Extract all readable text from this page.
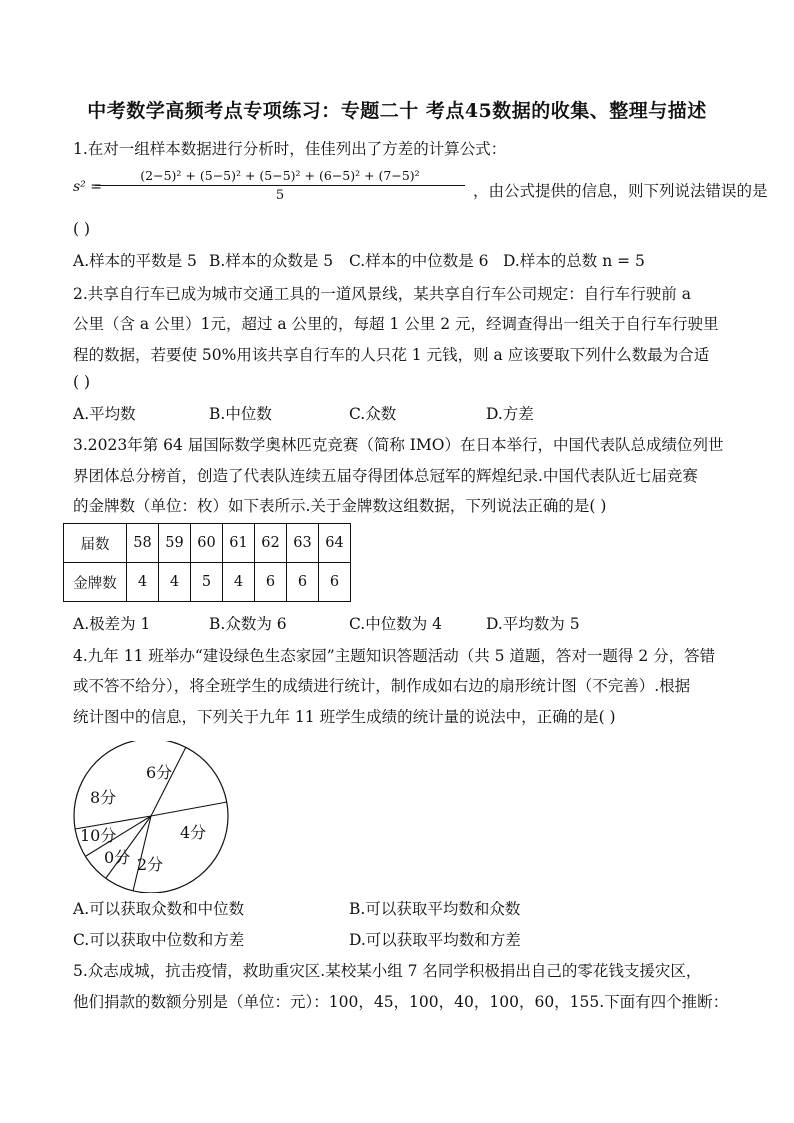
中考数学高频考点专项练习：专题二十 考点45数据的收集、整理与描述
1.在对一组样本数据进行分析时，佳佳列出了方差的计算公式：
s² =
$\frac{\text{(2−5)² + (5−5)² + (5−5)² + (6−5)² + (7−5)²}}{5}$ ，由公式提供的信息，则下列说法错误的是
( )
A.样本的平数是 5 B.样本的众数是 5 C.样本的中位数是 6 D.样本的总数 n = 5
2.共享自行车已成为城市交通工具的一道风景线，某共享自行车公司规定：自行车行驶前 a
公里（含 a 公里）1元，超过 a 公里的，每超 1 公里 2 元，经调查得出一组关于自行车行驶里
程的数据，若要使 50%用该共享自行车的人只花 1 元钱，则 a 应该要取下列什么数最为合适
( )
A.平均数	B.中位数	C.众数	D.方差
3.2023年第 64 届国际数学奥林匹克竞赛（简称 IMO）在日本举行，中国代表队总成绩位列世
界团体总分榜首，创造了代表队连续五届夺得团体总冠军的辉煌纪录.中国代表队近七届竞赛
的金牌数（单位：枚）如下表所示.关于金牌数这组数据，下列说法正确的是( )
届数	58	59	60	61	62	63	64
金牌数	4	4	5	4	6	6	6
A.极差为 1	B.众数为 6	C.中位数为 4	D.平均数为 5
4.九年 11 班举办“建设绿色生态家园”主题知识答题活动（共 5 道题，答对一题得 2 分，答错
或不答不给分），将全班学生的成绩进行统计，制作成如右边的扇形统计图（不完善）.根据
统计图中的信息，下列关于九年 11 班学生成绩的统计量的说法中，正确的是( )
6分
4分
2分
0分
10分
8分
A.可以获取众数和中位数	B.可以获取平均数和众数
C.可以获取中位数和方差	D.可以获取平均数和方差
5.众志成城，抗击疫情，救助重灾区.某校某小组 7 名同学积极捐出自己的零花钱支援灾区，
他们捐款的数额分别是（单位：元）：100，45，100，40，100，60，155.下面有四个推断：
